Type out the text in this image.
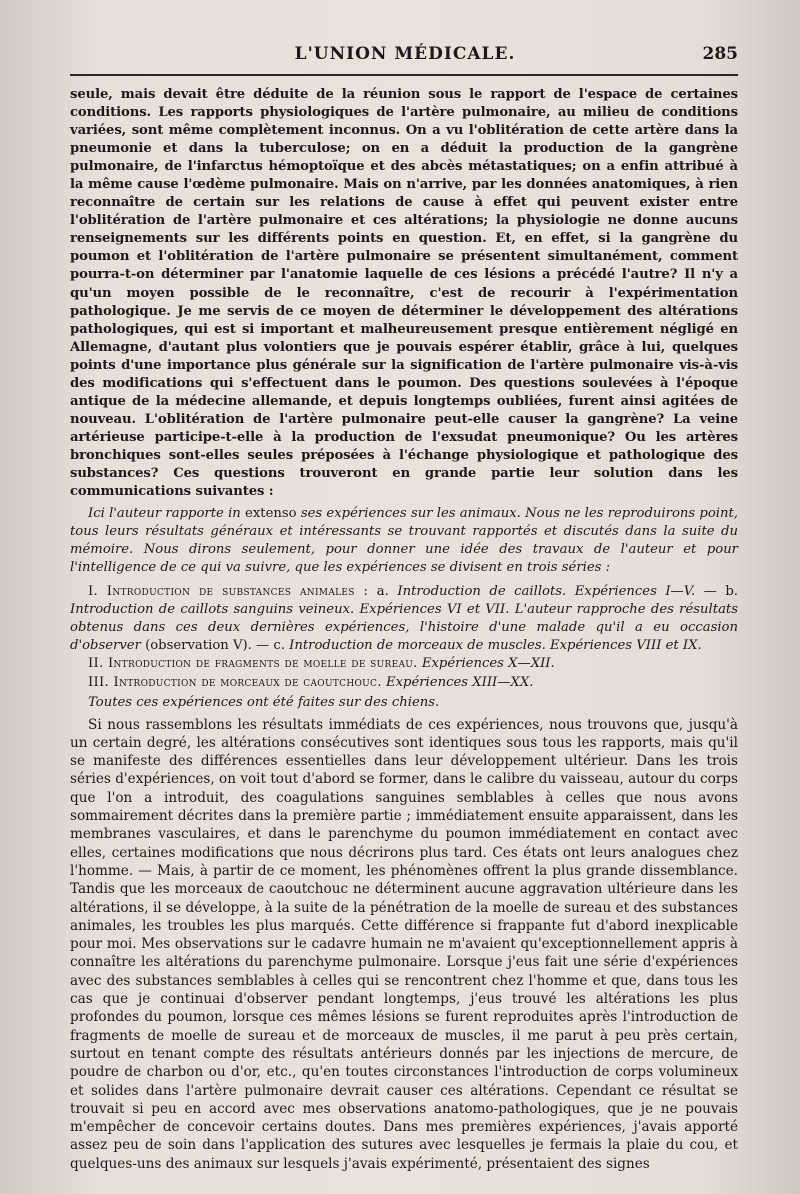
L'UNION MÉDICALE.	285

seule, mais devait être déduite de la réunion sous le rapport de l'espace de certaines conditions. Les rapports physiologiques de l'artère pulmonaire, au milieu de conditions variées, sont même complètement inconnus. On a vu l'oblitération de cette artère dans la pneumonie et dans la tuberculose; on en a déduit la production de la gangrène pulmonaire, de l'infarctus hémoptoïque et des abcès métastatiques; on a enfin attribué à la même cause l'œdème pulmonaire. Mais on n'arrive, par les données anatomiques, à rien reconnaître de certain sur les relations de cause à effet qui peuvent exister entre l'oblitération de l'artère pulmonaire et ces altérations; la physiologie ne donne aucuns renseignements sur les différents points en question. Et, en effet, si la gangrène du poumon et l'oblitération de l'artère pulmonaire se présentent simultanément, comment pourra-t-on déterminer par l'anatomie laquelle de ces lésions a précédé l'autre? Il n'y a qu'un moyen possible de le reconnaître, c'est de recourir à l'expérimentation pathologique. Je me servis de ce moyen de déterminer le développement des altérations pathologiques, qui est si important et malheureusement presque entièrement négligé en Allemagne, d'autant plus volontiers que je pouvais espérer établir, grâce à lui, quelques points d'une importance plus générale sur la signification de l'artère pulmonaire vis-à-vis des modifications qui s'effectuent dans le poumon. Des questions soulevées à l'époque antique de la médecine allemande, et depuis longtemps oubliées, furent ainsi agitées de nouveau. L'oblitération de l'artère pulmonaire peut-elle causer la gangrène? La veine artérieuse participe-t-elle à la production de l'exsudat pneumonique? Ou les artères bronchiques sont-elles seules préposées à l'échange physiologique et pathologique des substances? Ces questions trouveront en grande partie leur solution dans les communications suivantes :

Ici l'auteur rapporte in extenso ses expériences sur les animaux. Nous ne les reproduirons point, tous leurs résultats généraux et intéressants se trouvant rapportés et discutés dans la suite du mémoire. Nous dirons seulement, pour donner une idée des travaux de l'auteur et pour l'intelligence de ce qui va suivre, que les expériences se divisent en trois séries :

I. Introduction de substances animales : a. Introduction de caillots. Expériences I—V. — b. Introduction de caillots sanguins veineux. Expériences VI et VII. L'auteur rapproche des résultats obtenus dans ces deux dernières expériences, l'histoire d'une malade qu'il a eu occasion d'observer (observation V). — c. Introduction de morceaux de muscles. Expériences VIII et IX.

II. Introduction de fragments de moelle de sureau. Expériences X—XII.

III. Introduction de morceaux de caoutchouc. Expériences XIII—XX.

Toutes ces expériences ont été faites sur des chiens.

Si nous rassemblons les résultats immédiats de ces expériences, nous trouvons que, jusqu'à un certain degré, les altérations consécutives sont identiques sous tous les rapports, mais qu'il se manifeste des différences essentielles dans leur développement ultérieur. Dans les trois séries d'expériences, on voit tout d'abord se former, dans le calibre du vaisseau, autour du corps que l'on a introduit, des coagulations sanguines semblables à celles que nous avons sommairement décrites dans la première partie ; immédiatement ensuite apparaissent, dans les membranes vasculaires, et dans le parenchyme du poumon immédiatement en contact avec elles, certaines modifications que nous décrirons plus tard. Ces états ont leurs analogues chez l'homme. — Mais, à partir de ce moment, les phénomènes offrent la plus grande dissemblance. Tandis que les morceaux de caoutchouc ne déterminent aucune aggravation ultérieure dans les altérations, il se développe, à la suite de la pénétration de la moelle de sureau et des substances animales, les troubles les plus marqués. Cette différence si frappante fut d'abord inexplicable pour moi. Mes observations sur le cadavre humain ne m'avaient qu'exceptionnellement appris à connaître les altérations du parenchyme pulmonaire. Lorsque j'eus fait une série d'expériences avec des substances semblables à celles qui se rencontrent chez l'homme et que, dans tous les cas que je continuai d'observer pendant longtemps, j'eus trouvé les altérations les plus profondes du poumon, lorsque ces mêmes lésions se furent reproduites après l'introduction de fragments de moelle de sureau et de morceaux de muscles, il me parut à peu près certain, surtout en tenant compte des résultats antérieurs donnés par les injections de mercure, de poudre de charbon ou d'or, etc., qu'en toutes circonstances l'introduction de corps volumineux et solides dans l'artère pulmonaire devrait causer ces altérations. Cependant ce résultat se trouvait si peu en accord avec mes observations anatomo-pathologiques, que je ne pouvais m'empêcher de concevoir certains doutes. Dans mes premières expériences, j'avais apporté assez peu de soin dans l'application des sutures avec lesquelles je fermais la plaie du cou, et quelques-uns des animaux sur lesquels j'avais expérimenté, présentaient des signes
